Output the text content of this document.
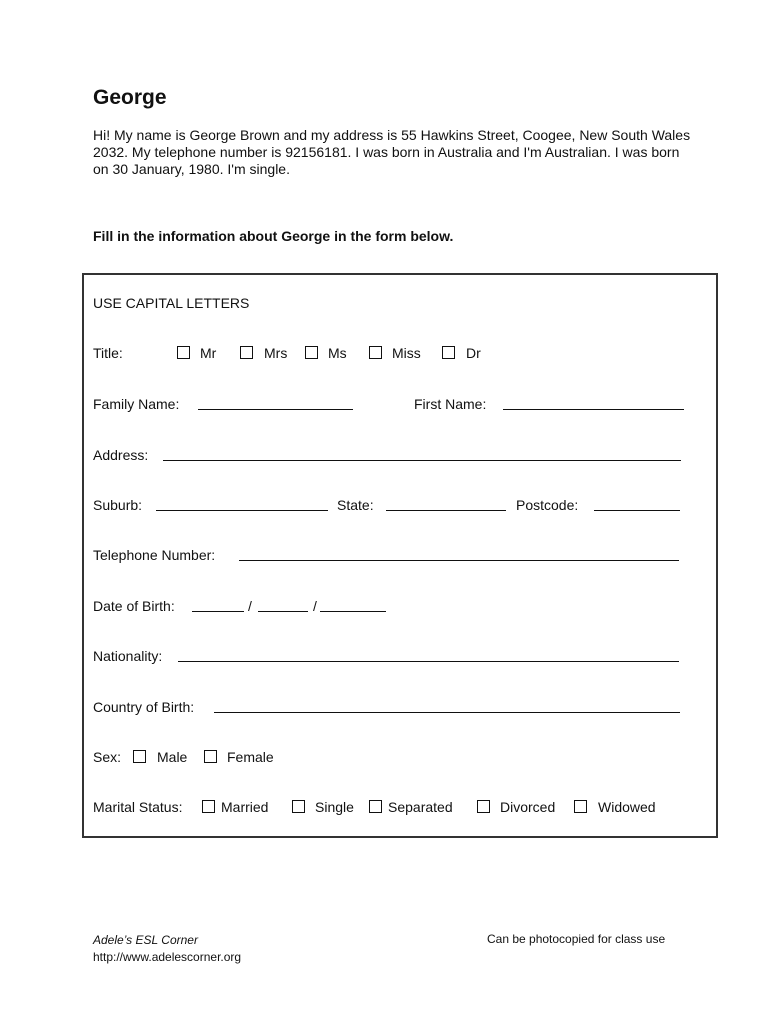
George
Hi! My name is George Brown and my address is 55 Hawkins Street, Coogee, New South Wales 2032. My telephone number is 92156181. I was born in Australia and I'm Australian. I was born on 30 January, 1980. I'm single.
Fill in the information about George in the form below.
USE CAPITAL LETTERS
Title:	Mr	Mrs	Ms	Miss	Dr
Family Name:	First Name:
Address:
Suburb:	State:	Postcode:
Telephone Number:
Date of Birth:	/	/
Nationality:
Country of Birth:
Sex:	Male	Female
Marital Status:	Married	Single Separated	Divorced	Widowed
Adele’s ESL Corner
http://www.adelescorner.org
Can be photocopied for class use
